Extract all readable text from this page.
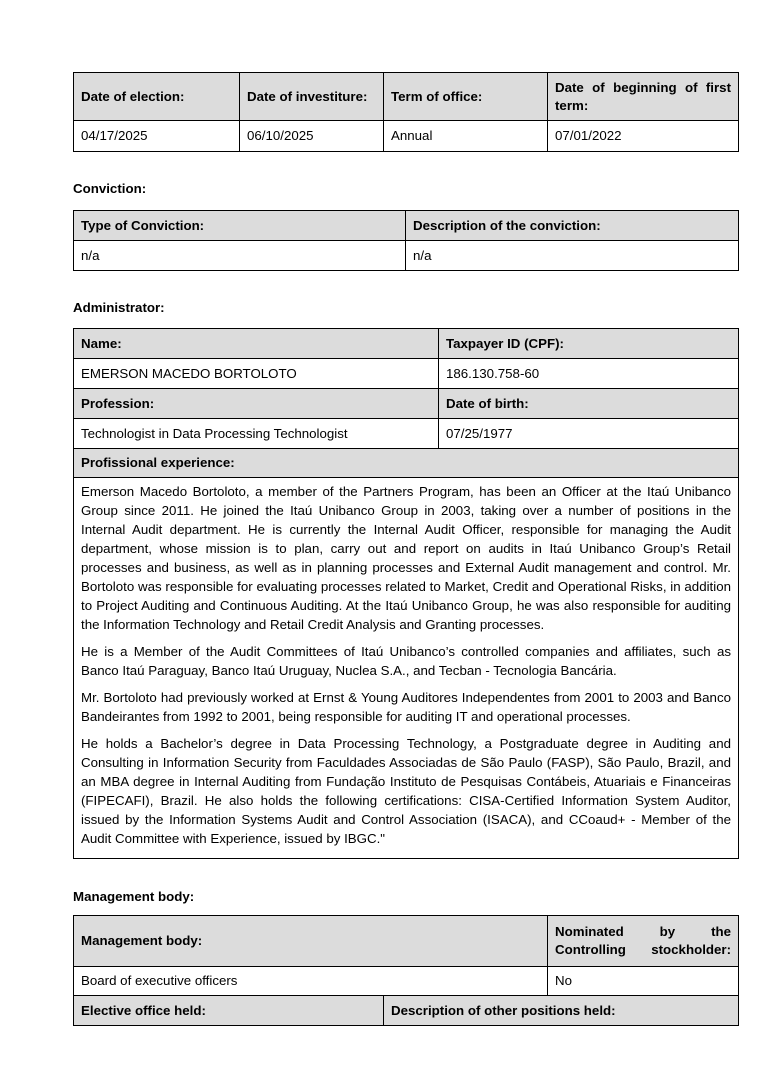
Date of election:	Date of investiture:	Term of office:	Date of beginning of first term:
04/17/2025	06/10/2025	Annual	07/01/2022
Conviction:
Type of Conviction:	Description of the conviction:
n/a	n/a
Administrator:
Name:	Taxpayer ID (CPF):
EMERSON MACEDO BORTOLOTO	186.130.758-60
Profession:	Date of birth:
Technologist in Data Processing Technologist	07/25/1977
Profissional experience:	

Emerson Macedo Bortoloto, a member of the Partners Program, has been an Officer at the Itaú Unibanco Group since 2011. He joined the Itaú Unibanco Group in 2003, taking over a number of positions in the Internal Audit department. He is currently the Internal Audit Officer, responsible for managing the Audit department, whose mission is to plan, carry out and report on audits in Itaú Unibanco Group’s Retail processes and business, as well as in planning processes and External Audit management and control. Mr. Bortoloto was responsible for evaluating processes related to Market, Credit and Operational Risks, in addition to Project Auditing and Continuous Auditing. At the Itaú Unibanco Group, he was also responsible for auditing the Information Technology and Retail Credit Analysis and Granting processes.

He is a Member of the Audit Committees of Itaú Unibanco’s controlled companies and affiliates, such as Banco Itaú Paraguay, Banco Itaú Uruguay, Nuclea S.A., and Tecban - Tecnologia Bancária.

Mr. Bortoloto had previously worked at Ernst & Young Auditores Independentes from 2001 to 2003 and Banco Bandeirantes from 1992 to 2001, being responsible for auditing IT and operational processes.

He holds a Bachelor’s degree in Data Processing Technology, a Postgraduate degree in Auditing and Consulting in Information Security from Faculdades Associadas de São Paulo (FASP), São Paulo, Brazil, and an MBA degree in Internal Auditing from Fundação Instituto de Pesquisas Contábeis, Atuariais e Financeiras (FIPECAFI), Brazil. He also holds the following certifications: CISA-Certified Information System Auditor, issued by the Information Systems Audit and Control Association (ISACA), and CCoaud+ - Member of the Audit Committee with Experience, issued by IBGC."	

Management body:
Management body:		Nominated by the Controlling stockholder:
Board of executive officers		No
Elective office held:	Description of other positions held:	
